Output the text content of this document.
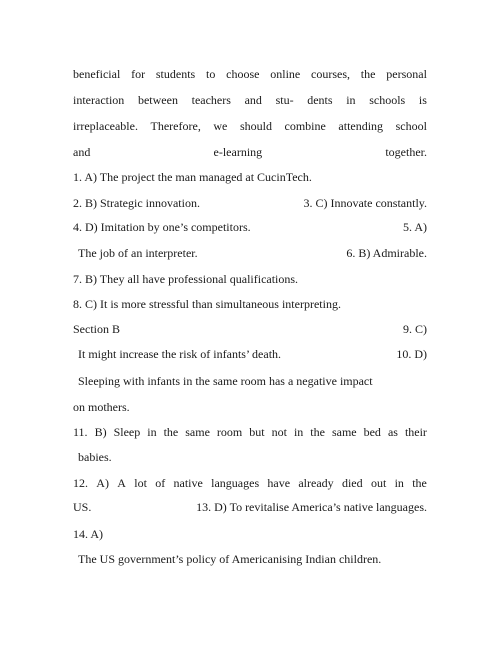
beneficial for students to choose online courses, the personal
interaction between teachers and stu- dents in schools is
irreplaceable. Therefore, we should combine attending school
and	e-learning	together.
1. A) The project the man managed at CucinTech.
2. B) Strategic innovation.	3. C) Innovate constantly.
4. D) Imitation by one’s competitors.	5. A)
The job of an interpreter.	6. B) Admirable.
7. B) They all have professional qualifications.
8. C) It is more stressful than simultaneous interpreting.
Section B	9. C)
It might increase the risk of infants’ death.	10. D)
Sleeping with infants in the same room has a negative impact
on mothers.
11. B) Sleep in the same room but not in the same bed as their
babies.
12. A) A lot of native languages have already died out in the
US.	13. D) To revitalise America’s native languages.
14. A)
The US government’s policy of Americanising Indian children.
